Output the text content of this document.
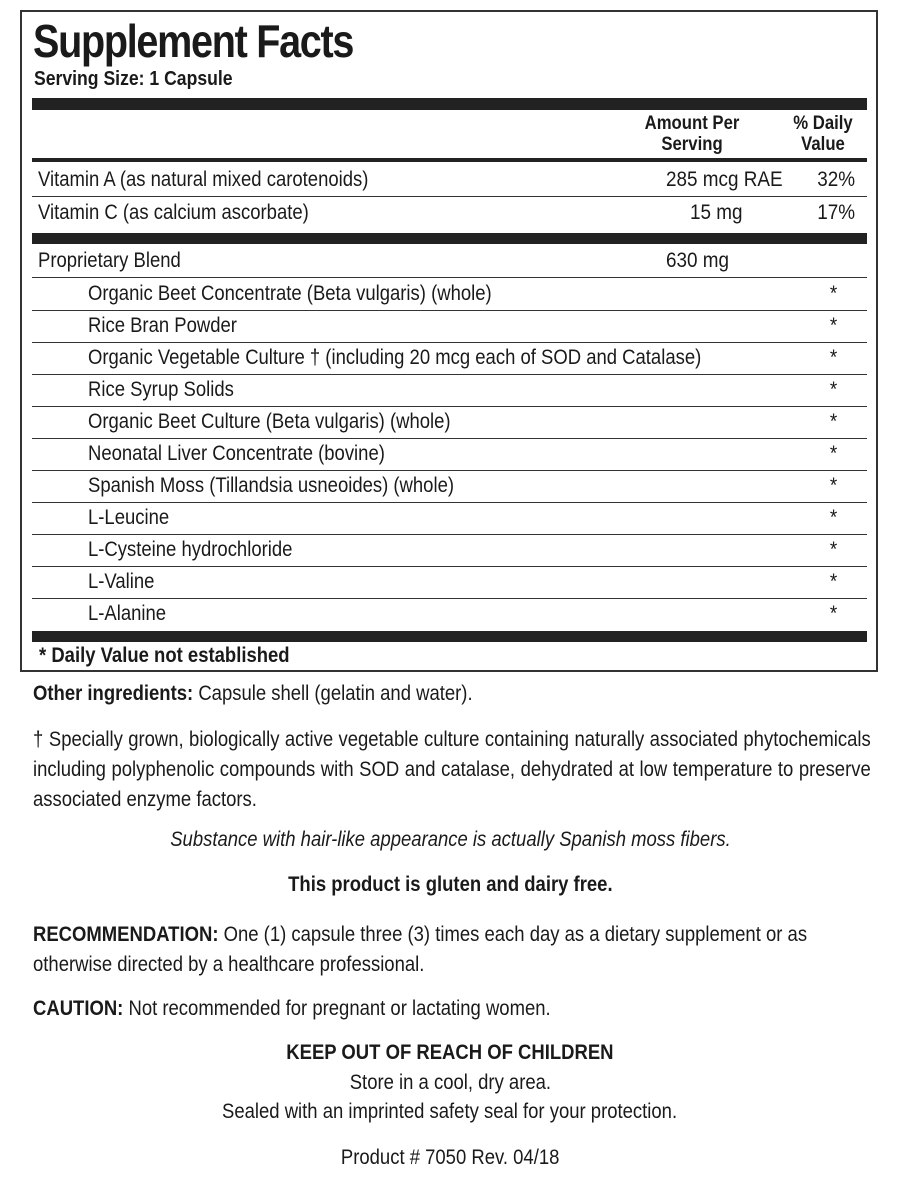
Supplement Facts
Serving Size: 1 Capsule
Amount Per
Serving
% Daily
Value
Vitamin A (as natural mixed carotenoids)	285 mcg RAE 32%
Vitamin C (as calcium ascorbate)	15 mg	17%
Proprietary Blend	630 mg
Organic Beet Concentrate (Beta vulgaris) (whole)	*
Rice Bran Powder	*
Organic Vegetable Culture † (including 20 mcg each of SOD and Catalase)	*
Rice Syrup Solids	*
Organic Beet Culture (Beta vulgaris) (whole)	*
Neonatal Liver Concentrate (bovine)	*
Spanish Moss (Tillandsia usneoides) (whole)	*
L-Leucine	*
L-Cysteine hydrochloride	*
L-Valine	*
L-Alanine	*
* Daily Value not established
Other ingredients: Capsule shell (gelatin and water).
† Specially grown, biologically active vegetable culture containing naturally associated phytochemicals including polyphenolic compounds with SOD and catalase, dehydrated at low temperature to preserve associated enzyme factors.
Substance with hair-like appearance is actually Spanish moss fibers.
This product is gluten and dairy free.
RECOMMENDATION: One (1) capsule three (3) times each day as a dietary supplement or as otherwise directed by a healthcare professional.
CAUTION: Not recommended for pregnant or lactating women.
KEEP OUT OF REACH OF CHILDREN
Store in a cool, dry area.
Sealed with an imprinted safety seal for your protection.
Product # 7050 Rev. 04/18
